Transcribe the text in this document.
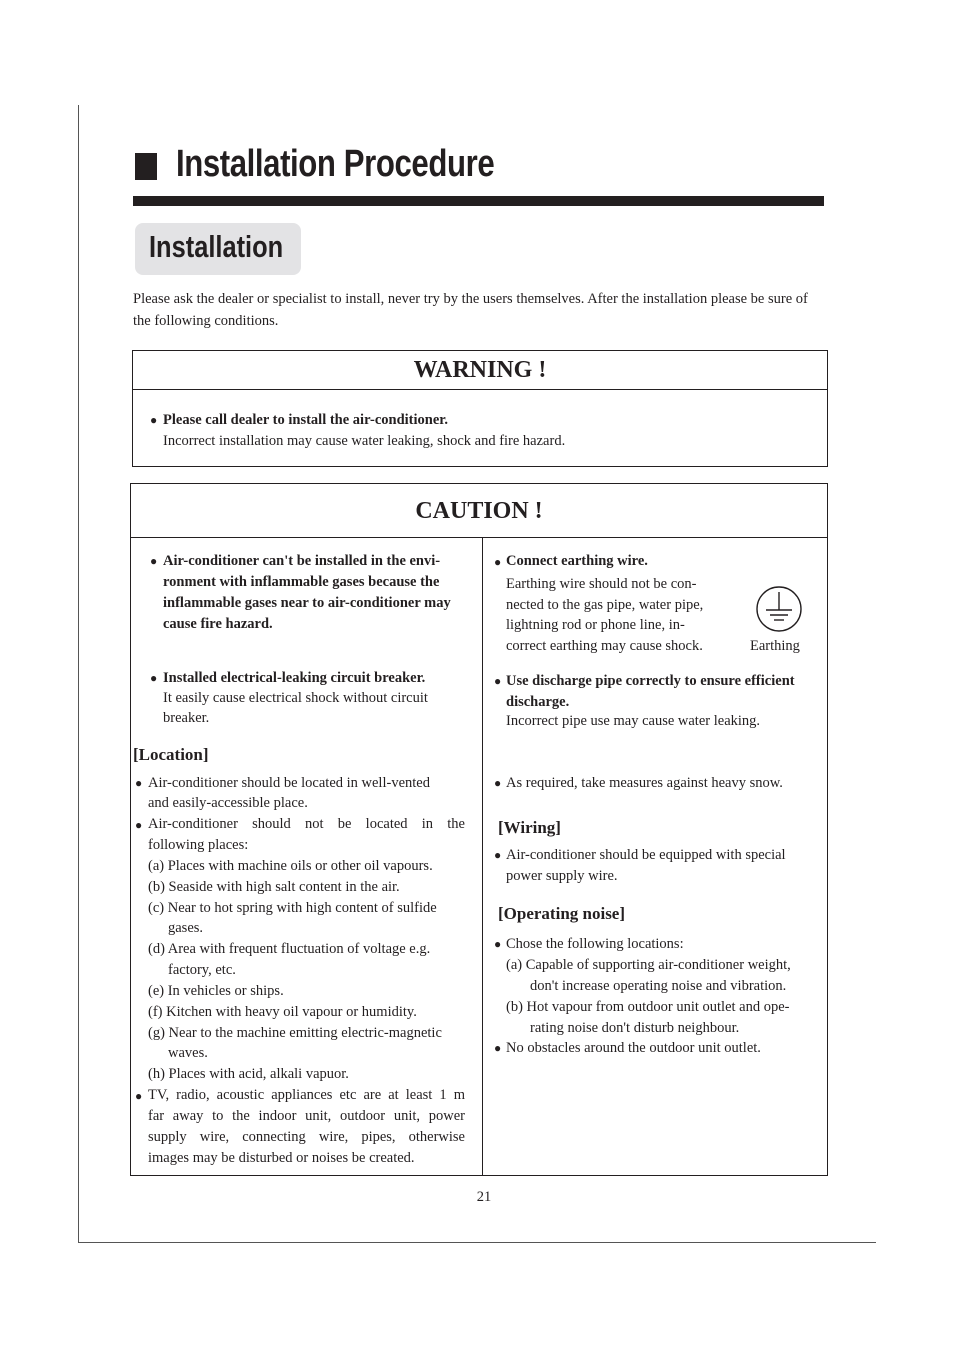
Installation Procedure
Installation
Please ask the dealer or specialist to install, never try by the users themselves. After the installation please be sure of the following conditions.
WARNING !
● Please call dealer to install the air-conditioner.
Incorrect installation may cause water leaking, shock and fire hazard.
CAUTION !
● Air-conditioner can't be installed in the envi-
ronment with inflammable gases because the
inflammable gases near to air-conditioner may
cause fire hazard.
● Installed electrical-leaking circuit breaker.
It easily cause electrical shock without circuit
breaker.
● Connect earthing wire.
Earthing wire should not be con-
nected to the gas pipe, water pipe,
lightning rod or phone line, in-
correct earthing may cause shock.	Earthing
● Use discharge pipe correctly to ensure efficient
discharge.
Incorrect pipe use may cause water leaking.
[Location]
● Air-conditioner should be located in well-vented
and easily-accessible place.
● Air-conditioner should not be located in the
following places:
(a) Places with machine oils or other oil vapours.
(b) Seaside with high salt content in the air.
(c) Near to hot spring with high content of sulfide
gases.
(d) Area with frequent fluctuation of voltage e.g.
factory, etc.
(e) In vehicles or ships.
(f) Kitchen with heavy oil vapour or humidity.
(g) Near to the machine emitting electric-magnetic
waves.
(h) Places with acid, alkali vapuor.
● TV, radio, acoustic appliances etc are at least 1 m
far away to the indoor unit, outdoor unit, power
supply wire, connecting wire, pipes, otherwise
images may be disturbed or noises be created.
● As required, take measures against heavy snow.
[Wiring]
● Air-conditioner should be equipped with special
power supply wire.
[Operating noise]
● Chose the following locations:
(a) Capable of supporting air-conditioner weight,
don't increase operating noise and vibration.
(b) Hot vapour from outdoor unit outlet and ope-
rating noise don't disturb neighbour.
● No obstacles around the outdoor unit outlet.
21
